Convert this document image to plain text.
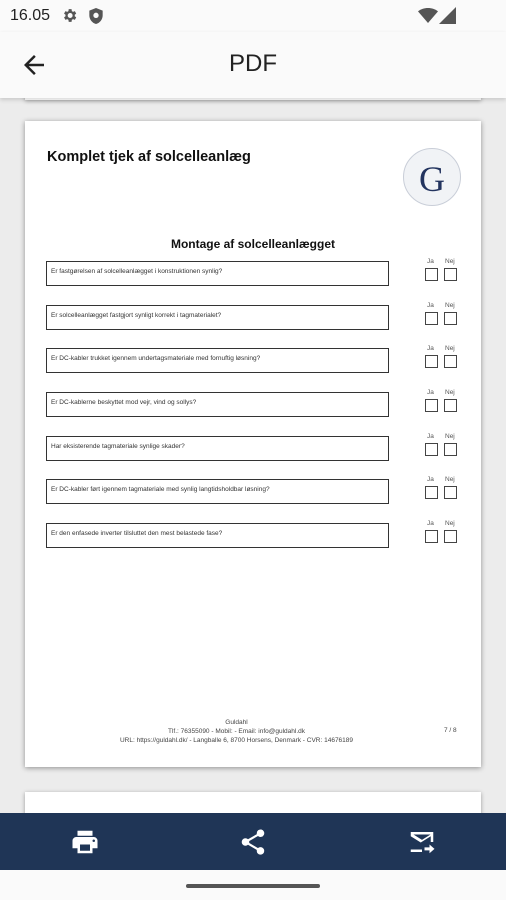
16.05
PDF
Komplet tjek af solcelleanlæg
G
Montage af solcelleanlægget
Er fastgørelsen af solcelleanlægget i konstruktionen synlig?
Ja Nej
Er solcelleanlægget fastgjort synligt korrekt i tagmaterialet?
Ja Nej
Er DC-kabler trukket igennem undertagsmateriale med fornuftig løsning?
Ja Nej
Er DC-kablerne beskyttet mod vejr, vind og sollys?
Ja Nej
Har eksisterende tagmateriale synlige skader?
Ja Nej
Er DC-kabler ført igennem tagmateriale med synlig langtidsholdbar løsning?
Ja Nej
Er den enfasede inverter tilsluttet den mest belastede fase?
Ja Nej
Guldahl
Tlf.: 76355090 - Mobil: - Email: info@guldahl.dk
URL: https://guldahl.dk/ - Langballe 6, 8700 Horsens, Denmark - CVR: 14676189
7 / 8
